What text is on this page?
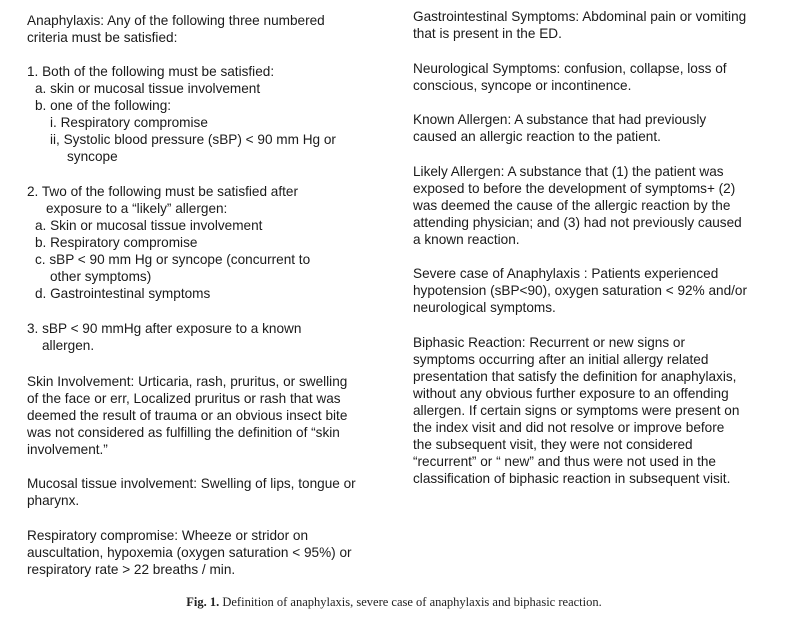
Anaphylaxis: Any of the following three numbered
criteria must be satisfied:
1. Both of the following must be satisfied:
a. skin or mucosal tissue involvement
b. one of the following:
i. Respiratory compromise
ii, Systolic blood pressure (sBP) < 90 mm Hg or
syncope
2. Two of the following must be satisfied after
exposure to a “likely” allergen:
a. Skin or mucosal tissue involvement
b. Respiratory compromise
c. sBP < 90 mm Hg or syncope (concurrent to
other symptoms)
d. Gastrointestinal symptoms
3. sBP < 90 mmHg after exposure to a known
allergen.
Skin Involvement: Urticaria, rash, pruritus, or swelling
of the face or err, Localized pruritus or rash that was
deemed the result of trauma or an obvious insect bite
was not considered as fulfilling the definition of “skin
involvement.”
Mucosal tissue involvement: Swelling of lips, tongue or
pharynx.
Respiratory compromise: Wheeze or stridor on
auscultation, hypoxemia (oxygen saturation < 95%) or
respiratory rate > 22 breaths / min.
Gastrointestinal Symptoms: Abdominal pain or vomiting
that is present in the ED.
Neurological Symptoms: confusion, collapse, loss of
conscious, syncope or incontinence.
Known Allergen: A substance that had previously
caused an allergic reaction to the patient.
Likely Allergen: A substance that (1) the patient was
exposed to before the development of symptoms+ (2)
was deemed the cause of the allergic reaction by the
attending physician; and (3) had not previously caused
a known reaction.
Severe case of Anaphylaxis : Patients experienced
hypotension (sBP<90), oxygen saturation < 92% and/or
neurological symptoms.
Biphasic Reaction: Recurrent or new signs or
symptoms occurring after an initial allergy related
presentation that satisfy the definition for anaphylaxis,
without any obvious further exposure to an offending
allergen. If certain signs or symptoms were present on
the index visit and did not resolve or improve before
the subsequent visit, they were not considered
“recurrent” or “ new” and thus were not used in the
classification of biphasic reaction in subsequent visit.
Fig. 1. Definition of anaphylaxis, severe case of anaphylaxis and biphasic reaction.
